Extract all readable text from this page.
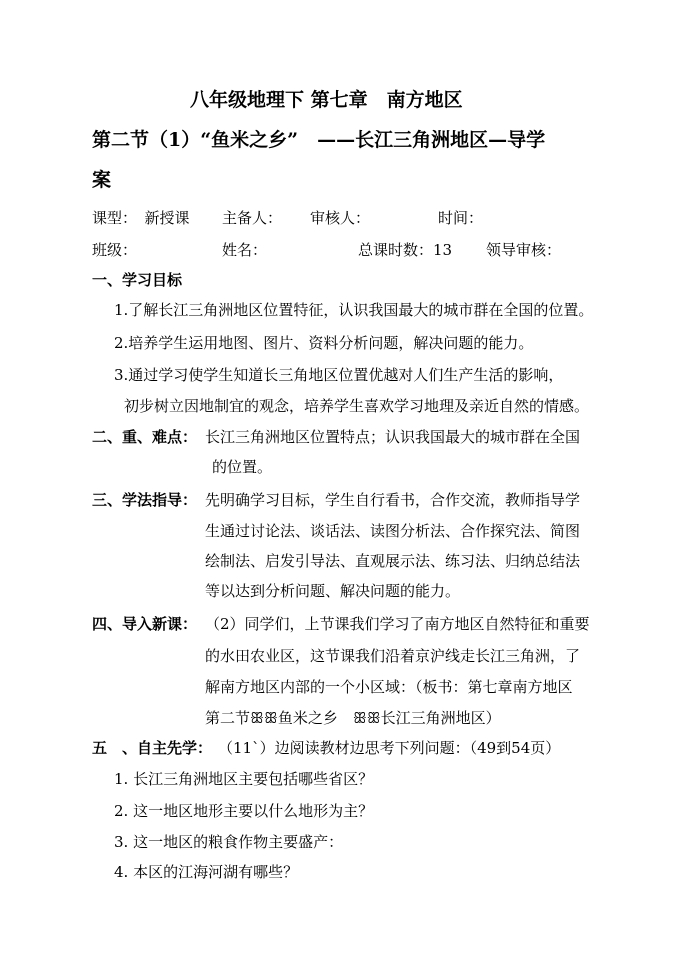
八年级地理下 第七章　南方地区
第二节（1）“鱼米之乡”　——长江三角洲地区—导学
案
课型：　新授课 主备人： 审核人：	时间：
班级：	姓名：	总课时数：13 领导审核：
一、学习目标
1.了解长江三角洲地区位置特征，认识我国最大的城市群在全国的位置。
2.培养学生运用地图、图片、资料分析问题，解决问题的能力。
3.通过学习使学生知道长三角地区位置优越对人们生产生活的影响，
初步树立因地制宜的观念，培养学生喜欢学习地理及亲近自然的情感。
二、重、难点： 长江三角洲地区位置特点；认识我国最大的城市群在全国
的位置。
三、学法指导： 先明确学习目标，学生自行看书，合作交流，教师指导学
生通过讨论法、谈话法、读图分析法、合作探究法、简图
绘制法、启发引导法、直观展示法、练习法、归纳总结法
等以达到分析问题、解决问题的能力。
四、导入新课： （2）同学们，上节课我们学习了南方地区自然特征和重要
的水田农业区，这节课我们沿着京沪线走长江三角洲，了
解南方地区内部的一个小区域：（板书：第七章南方地区
第二节ꕥꕥ鱼米之乡　ꕥꕥ长江三角洲地区）
五　、自主先学： （11`）边阅读教材边思考下列问题：（49到54页）
1. 长江三角洲地区主要包括哪些省区？
2. 这一地区地形主要以什么地形为主？
3. 这一地区的粮食作物主要盛产：
4. 本区的江海河湖有哪些？
